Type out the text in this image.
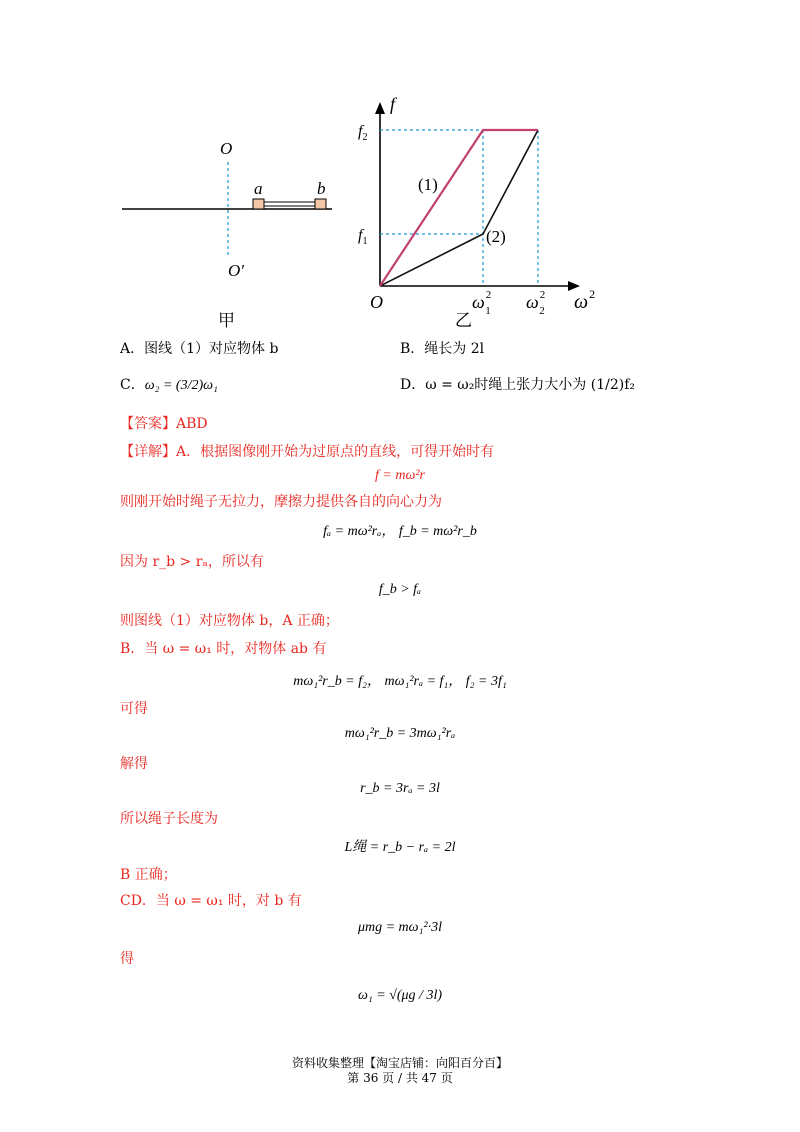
O
O′
a	b
甲
f
$f_2$
$f_1$
O	$\omega^2$ 1 $\omega^2$ 2 $\omega^2$
(1)
(2)
乙
A．图线（1）对应物体 b	B．绳长为 2l
C．ω₂ = (3/2)ω₁	D．ω = ω₂时绳上张力大小为 (1/2)f₂
【答案】ABD
【详解】A．根据图像刚开始为过原点的直线，可得开始时有
f = mω²r
则刚开始时绳子无拉力，摩擦力提供各自的向心力为
fₐ = mω²rₐ， f_b = mω²r_b
因为 r_b > rₐ，所以有
f_b > fₐ
则图线（1）对应物体 b，A 正确；
B．当 ω = ω₁ 时，对物体 ab 有
mω₁²r_b = f₂， mω₁²rₐ = f₁， f₂ = 3f₁
可得
mω₁²r_b = 3mω₁²rₐ
解得
r_b = 3rₐ = 3l
所以绳子长度为
L绳 = r_b − rₐ = 2l
B 正确；
CD．当 ω = ω₁ 时，对 b 有
μmg = mω₁²·3l
得
ω₁ = √(μg / 3l)
资料收集整理【淘宝店铺：向阳百分百】
第 36 页 / 共 47 页
